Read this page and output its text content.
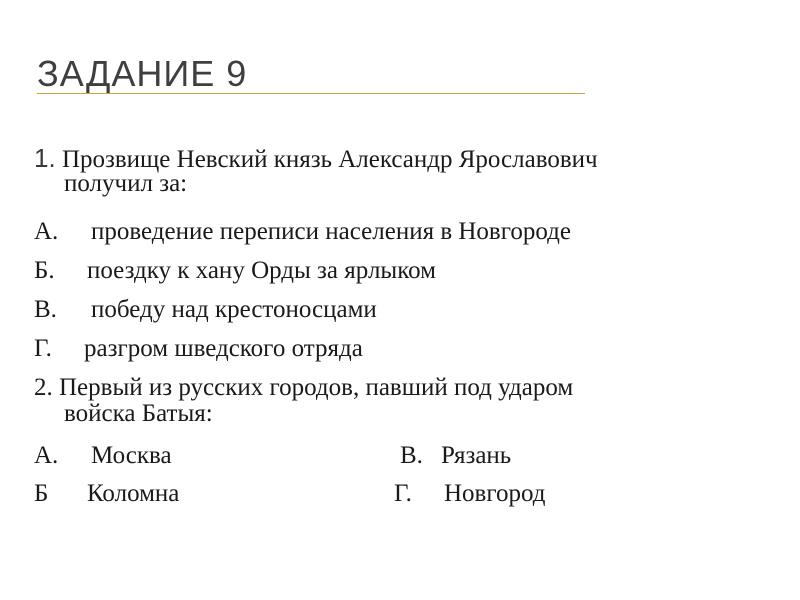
ЗАДАНИЕ 9
1. Прозвище Невский князь Александр Ярославович
получил за:
А. проведение переписи населения в Новгороде
Б. поездку к хану Орды за ярлыком
В. победу над крестоносцами
Г. разгром шведского отряда
2. Первый из русских городов, павший под ударом
войска Батыя:
А. Москва	В. Рязань
Б Коломна	Г. Новгород
